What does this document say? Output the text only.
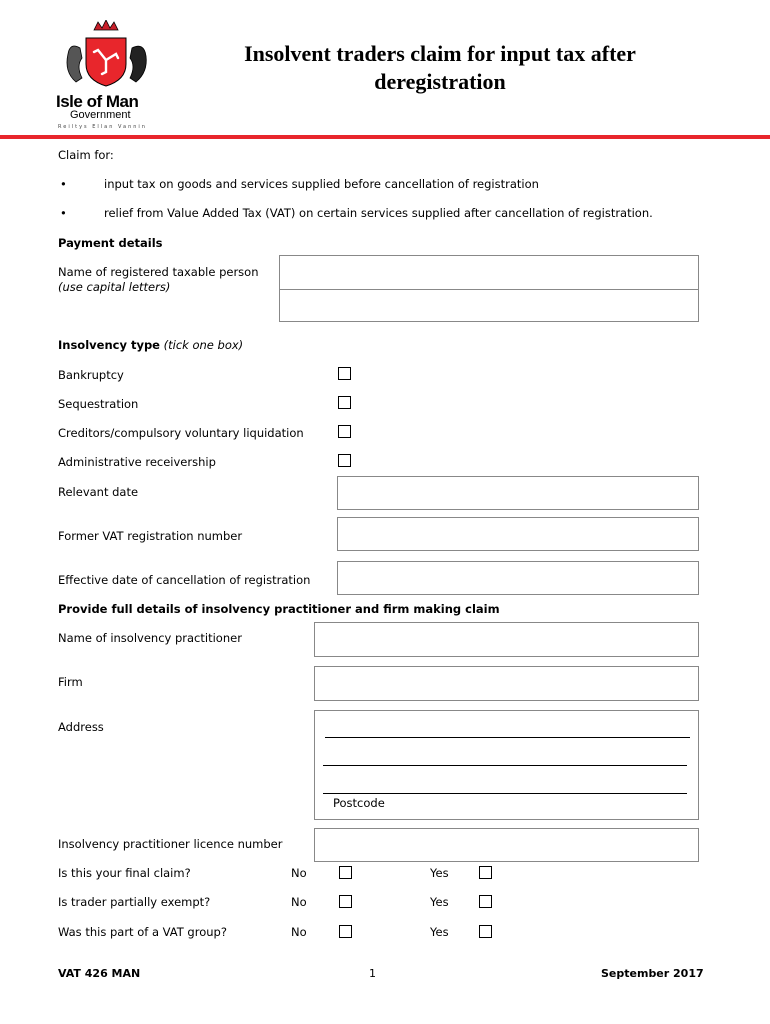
Isle of Man
Government
Reiltys Ellan Vannin
Insolvent traders claim for input tax after deregistration
Claim for:
•	input tax on goods and services supplied before cancellation of registration
•	relief from Value Added Tax (VAT) on certain services supplied after cancellation of registration.
Payment details
Name of registered taxable person
(use capital letters)
Insolvency type (tick one box)
Bankruptcy
Sequestration
Creditors/compulsory voluntary liquidation
Administrative receivership
Relevant date
Former VAT registration number
Effective date of cancellation of registration
Provide full details of insolvency practitioner and firm making claim
Name of insolvency practitioner
Firm
Address
Postcode
Insolvency practitioner licence number
Is this your final claim?	No	Yes
Is trader partially exempt?	No	Yes
Was this part of a VAT group?	No	Yes
VAT 426 MAN	1	September 2017
